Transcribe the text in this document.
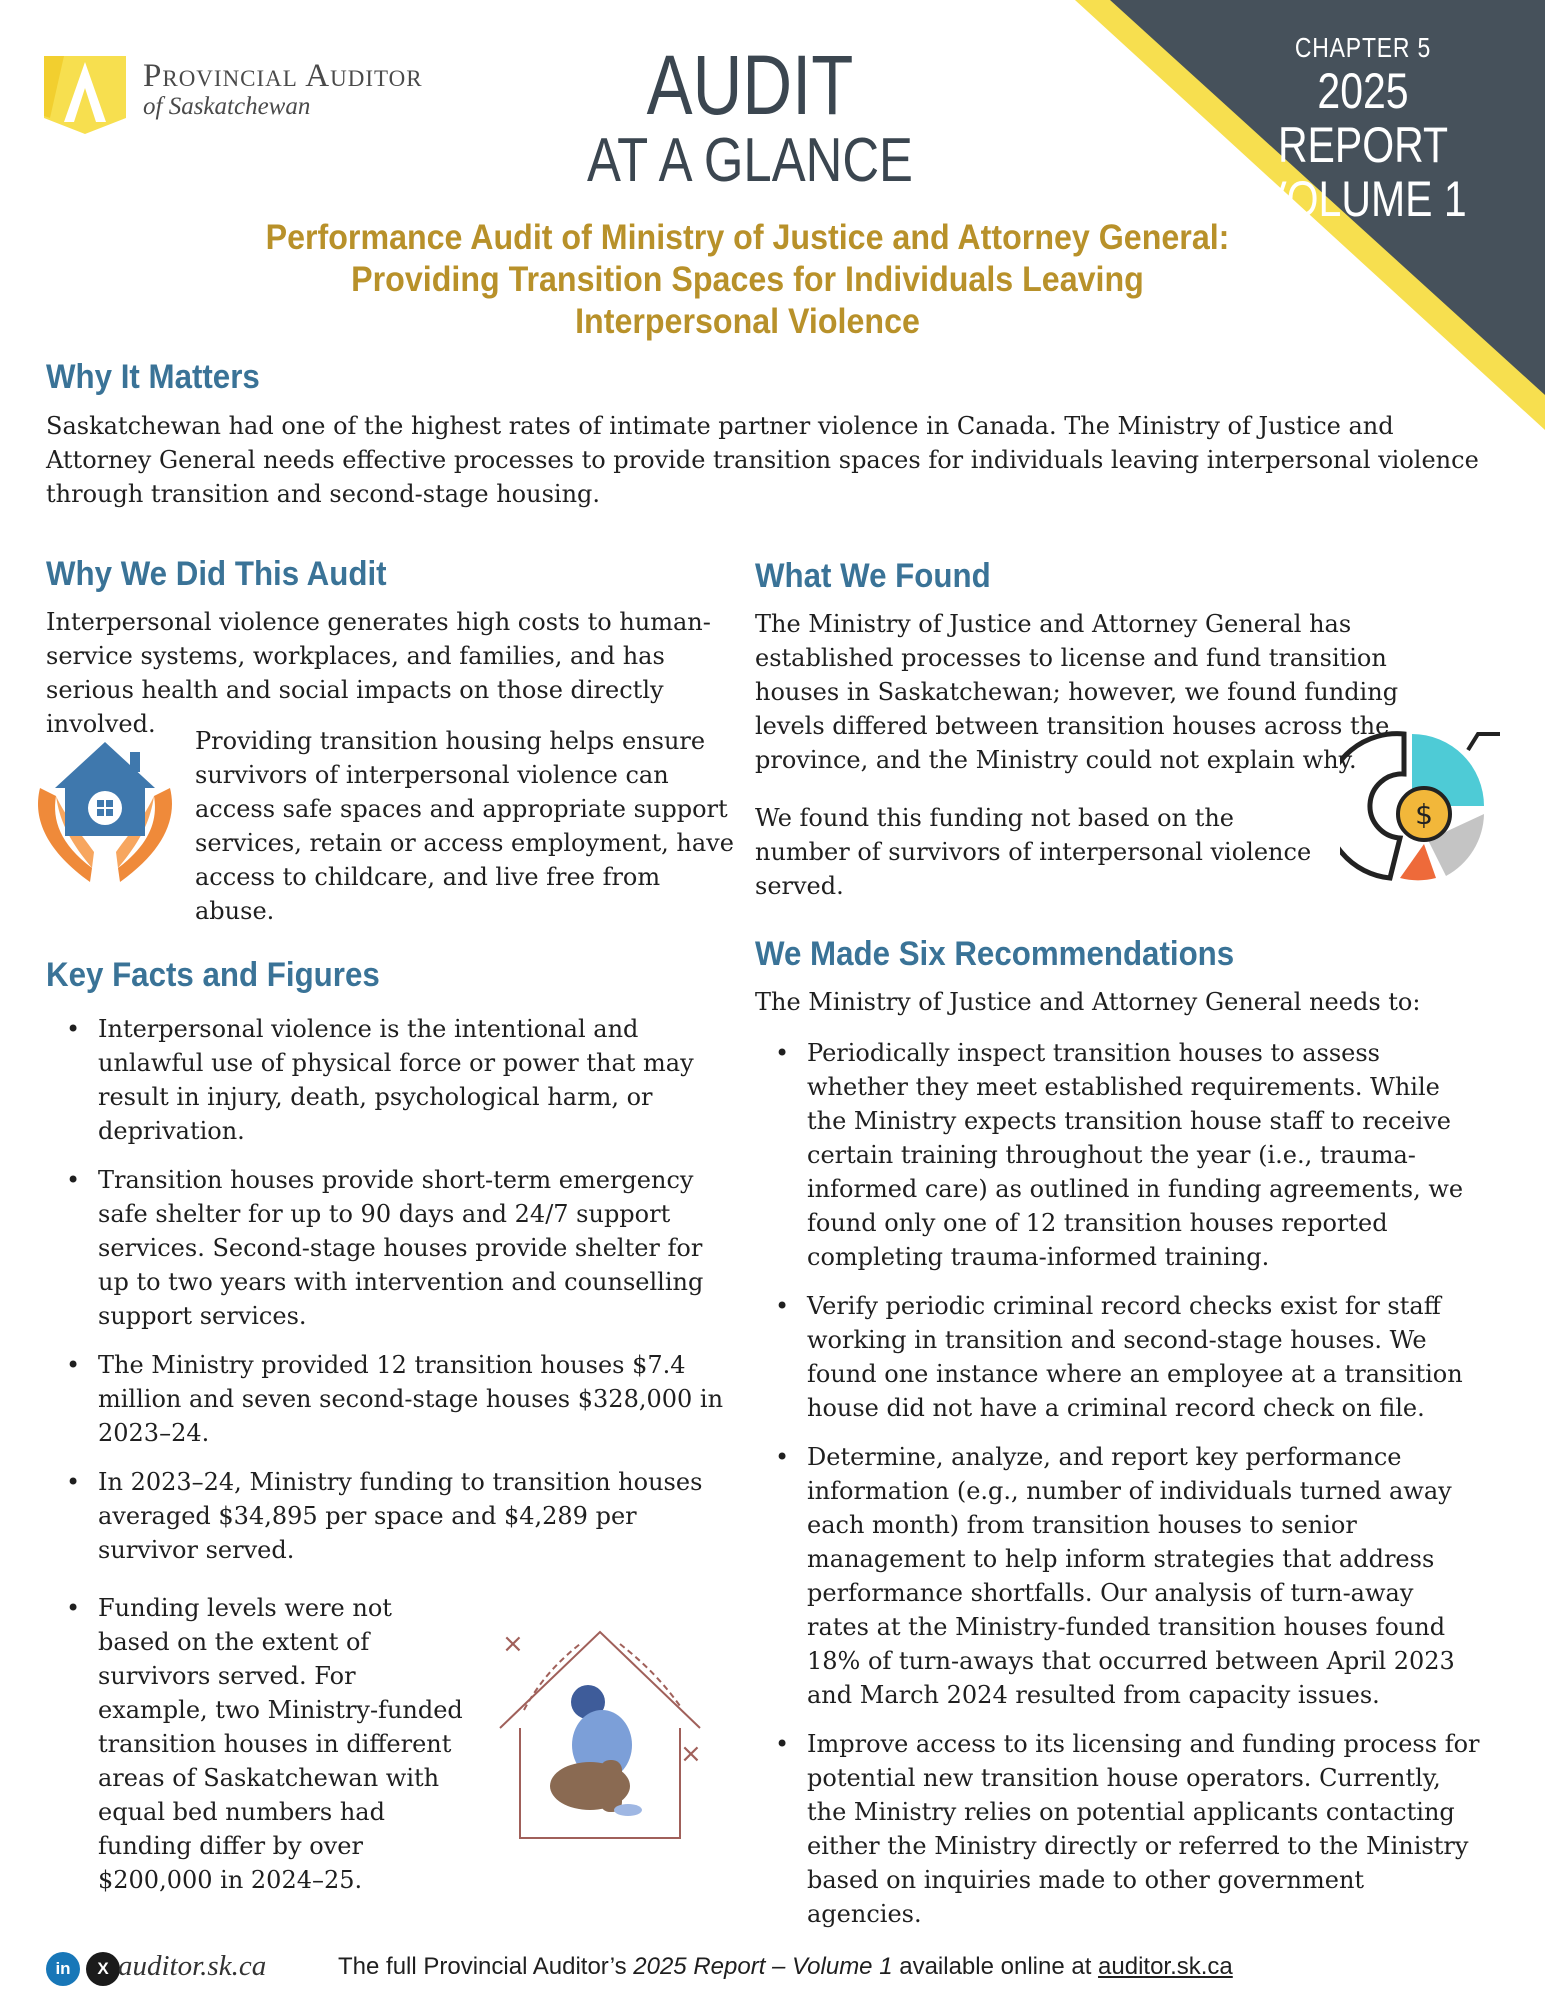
CHAPTER 5
2025 REPORT
VOLUME 1
Provincial Auditor
of Saskatchewan	AUDIT
AT A GLANCE
Performance Audit of Ministry of Justice and Attorney General:
Providing Transition Spaces for Individuals Leaving
Interpersonal Violence
Why It Matters
Saskatchewan had one of the highest rates of intimate partner violence in Canada. The Ministry of Justice and Attorney General needs effective processes to provide transition spaces for individuals leaving interpersonal violence through transition and second-stage housing.
Why We Did This Audit
Interpersonal violence generates high costs to human-service systems, workplaces, and families, and has serious health and social impacts on those directly involved.
Providing transition housing helps ensure survivors of interpersonal violence can access safe spaces and appropriate support services, retain or access employment, have access to childcare, and live free from abuse.
Key Facts and Figures
• Interpersonal violence is the intentional and unlawful use of physical force or power that may result in injury, death, psychological harm, or deprivation.
• Transition houses provide short-term emergency safe shelter for up to 90 days and 24/7 support services. Second-stage houses provide shelter for up to two years with intervention and counselling support services.
• The Ministry provided 12 transition houses $7.4 million and seven second-stage houses $328,000 in 2023–24.
• In 2023–24, Ministry funding to transition houses averaged $34,895 per space and $4,289 per survivor served.
• Funding levels were not based on the extent of survivors served. For example, two Ministry-funded transition houses in different areas of Saskatchewan with equal bed numbers had funding differ by over $200,000 in 2024–25.
×
×
What We Found
The Ministry of Justice and Attorney General has established processes to license and fund transition houses in Saskatchewan; however, we found funding levels differed between transition houses across the province, and the Ministry could not explain why.
We found this funding not based on the number of survivors of interpersonal violence served.
$
We Made Six Recommendations
The Ministry of Justice and Attorney General needs to:
• Periodically inspect transition houses to assess whether they meet established requirements. While the Ministry expects transition house staff to receive certain training throughout the year (i.e., trauma-informed care) as outlined in funding agreements, we found only one of 12 transition houses reported completing trauma-informed training.
• Verify periodic criminal record checks exist for staff working in transition and second-stage houses. We found one instance where an employee at a transition house did not have a criminal record check on file.
• Determine, analyze, and report key performance information (e.g., number of individuals turned away each month) from transition houses to senior management to help inform strategies that address performance shortfalls. Our analysis of turn-away rates at the Ministry-funded transition houses found 18% of turn-aways that occurred between April 2023 and March 2024 resulted from capacity issues.
• Improve access to its licensing and funding process for potential new transition house operators. Currently, the Ministry relies on potential applicants contacting either the Ministry directly or referred to the Ministry based on inquiries made to other government agencies.
in	X auditor.sk.ca	The full Provincial Auditor’s 2025 Report – Volume 1 available online at auditor.sk.ca
